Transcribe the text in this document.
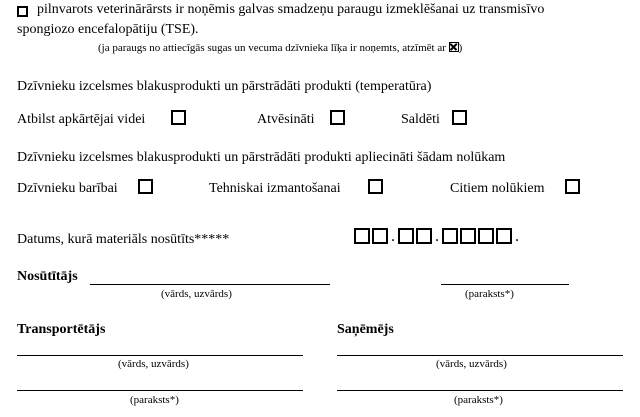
pilnvarots veterinārārsts ir noņēmis galvas smadzeņu paraugu izmeklēšanai uz transmisīvo
spongiozo encefalopātiju (TSE).
(ja paraugs no attiecīgās sugas un vecuma dzīvnieka līķa ir noņemts, atzīmēt ar )
Dzīvnieku izcelsmes blakusprodukti un pārstrādāti produkti (temperatūra)
Atbilst apkārtējai videi	Atvēsināti	Saldēti
Dzīvnieku izcelsmes blakusprodukti un pārstrādāti produkti apliecināti šādam nolūkam
Dzīvnieku barībai	Tehniskai izmantošanai	Citiem nolūkiem
Datums, kurā materiāls nosūtīts*****	.	.	.
Nosūtītājs
(vārds, uzvārds)	(paraksts*)
Transportētājs
(vārds, uzvārds)
(paraksts*)
Saņēmējs
(vārds, uzvārds)
(paraksts*)
